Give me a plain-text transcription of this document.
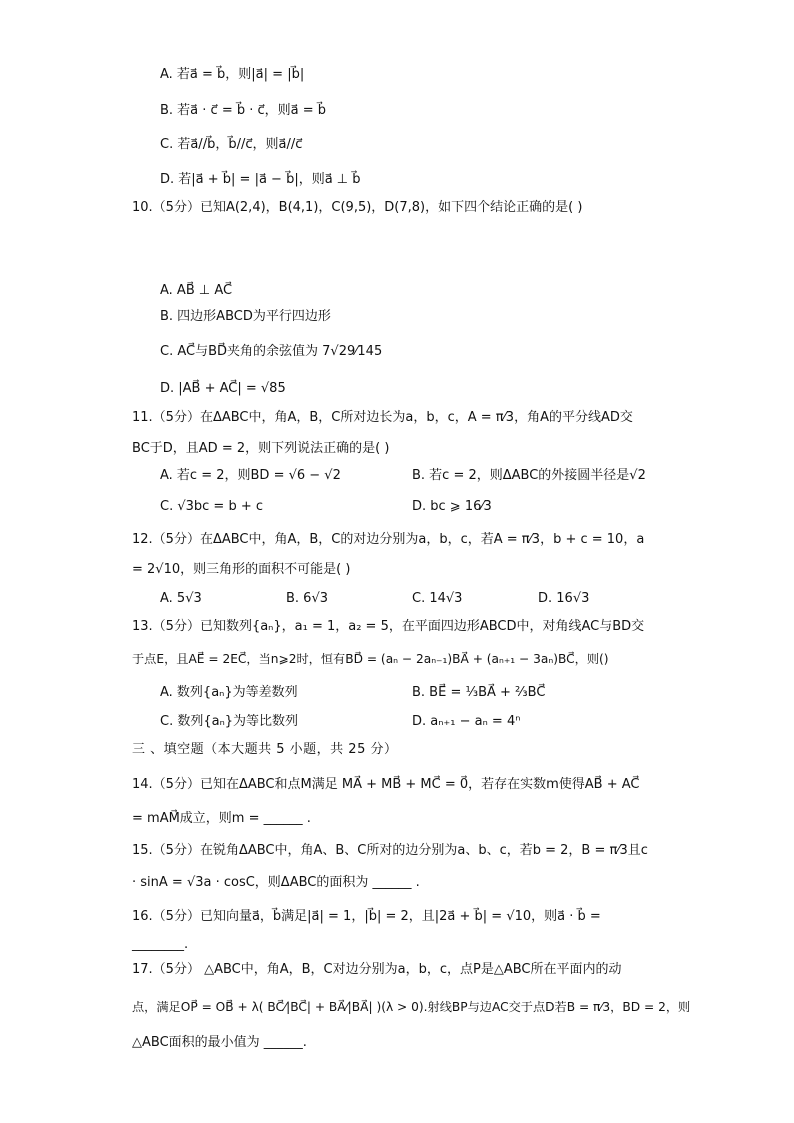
A. 若a⃗ = b⃗，则|a⃗| = |b⃗|
B. 若a⃗ · c⃗ = b⃗ · c⃗，则a⃗ = b⃗
C. 若a⃗//b⃗，b⃗//c⃗，则a⃗//c⃗
D. 若|a⃗ + b⃗| = |a⃗ − b⃗|，则a⃗ ⊥ b⃗
10.（5分）已知A(2,4)，B(4,1)，C(9,5)，D(7,8)，如下四个结论正确的是( )
A. AB⃗ ⊥ AC⃗
B. 四边形ABCD为平行四边形
C. AC⃗与BD⃗夹角的余弦值为 7√29⁄145
D. |AB⃗ + AC⃗| = √85
11.（5分）在ΔABC中，角A，B，C所对边长为a，b，c，A = π⁄3，角A的平分线AD交
BC于D，且AD = 2，则下列说法正确的是( )
A. 若c = 2，则BD = √6 − √2	B. 若c = 2，则ΔABC的外接圆半径是√2
C. √3bc = b + c	D. bc ⩾ 16⁄3
12.（5分）在ΔABC中，角A，B，C的对边分别为a，b，c，若A = π⁄3，b + c = 10，a
= 2√10，则三角形的面积不可能是( )
A. 5√3	B. 6√3	C. 14√3	D. 16√3
13.（5分）已知数列{aₙ}，a₁ = 1，a₂ = 5，在平面四边形ABCD中，对角线AC与BD交
于点E，且AE⃗ = 2EC⃗，当n⩾2时，恒有BD⃗ = (aₙ − 2aₙ₋₁)BA⃗ + (aₙ₊₁ − 3aₙ)BC⃗，则()
A. 数列{aₙ}为等差数列	B. BE⃗ = ⅓BA⃗ + ⅔BC⃗
C. 数列{aₙ}为等比数列	D. aₙ₊₁ − aₙ = 4ⁿ
三 、填空题（本大题共 5 小题，共 25 分）
14.（5分）已知在ΔABC和点M满足 MA⃗ + MB⃗ + MC⃗ = 0⃗，若存在实数m使得AB⃗ + AC⃗
= mAM⃗成立，则m = ______ .
15.（5分）在锐角ΔABC中，角A、B、C所对的边分别为a、b、c，若b = 2，B = π⁄3且c
· sinA = √3a · cosC，则ΔABC的面积为 ______ .
16.（5分）已知向量a⃗，b⃗满足|a⃗| = 1，|b⃗| = 2，且|2a⃗ + b⃗| = √10，则a⃗ · b⃗ =
________.
17.（5分） △ABC中，角A，B，C对边分别为a，b，c，点P是△ABC所在平面内的动
点，满足OP⃗ = OB⃗ + λ( BC⃗⁄|BC⃗| + BA⃗⁄|BA⃗| )(λ > 0).射线BP与边AC交于点D若B = π⁄3，BD = 2，则
△ABC面积的最小值为 ______.
